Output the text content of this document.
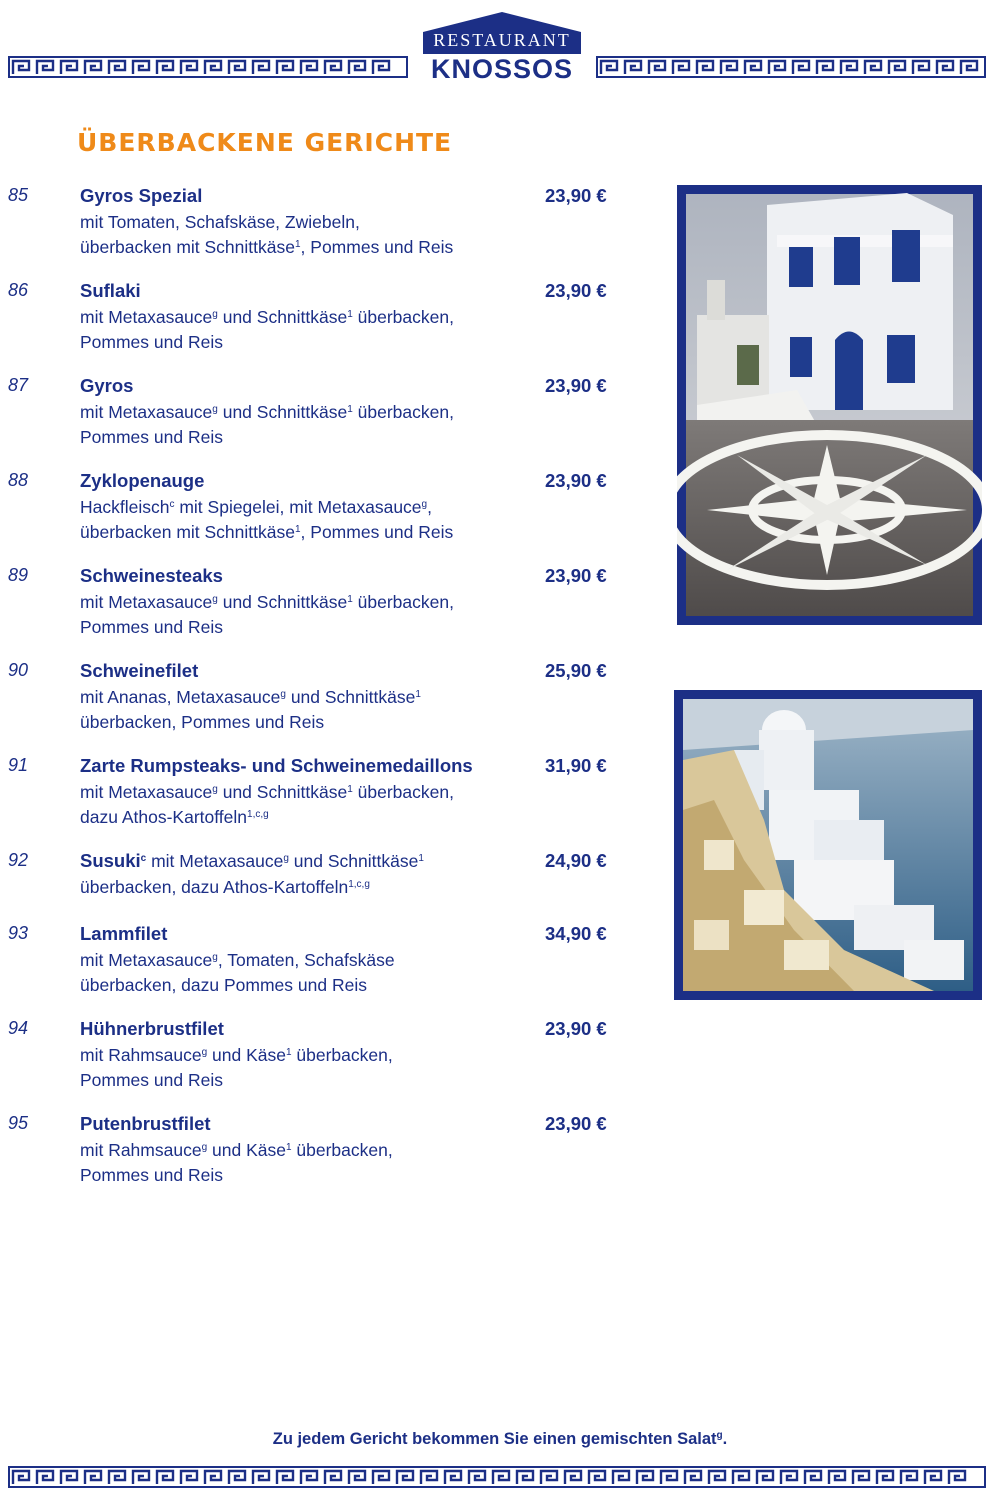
RESTAURANT
KNOSSOS
ÜBERBACKENE GERICHTE
85	Gyros Spezial
mit Tomaten, Schafskäse, Zwiebeln,
überbacken mit Schnittkäse$^1$, Pommes und Reis
23,90 €
86	Suflaki
mit Metaxasauce$^g$ und Schnittkäse$^1$ überbacken,
Pommes und Reis
23,90 €
87	Gyros
mit Metaxasauce$^g$ und Schnittkäse$^1$ überbacken,
Pommes und Reis
23,90 €
88	Zyklopenauge
Hackfleisch$^c$ mit Spiegelei, mit Metaxasauce$^g$,
überbacken mit Schnittkäse$^1$, Pommes und Reis
23,90 €
89	Schweinesteaks
mit Metaxasauce$^g$ und Schnittkäse$^1$ überbacken,
Pommes und Reis
23,90 €
90	Schweinefilet
mit Ananas, Metaxasauce$^g$ und Schnittkäse$^1$
überbacken, Pommes und Reis
25,90 €
91	Zarte Rumpsteaks- und Schweinemedaillons
mit Metaxasauce$^g$ und Schnittkäse$^1$ überbacken,
dazu Athos-Kartoffeln$^{1,c,g}$
31,90 €
92	Susuki$^c$ mit Metaxasauce$^g$ und Schnittkäse$^1$
überbacken, dazu Athos-Kartoffeln$^{1,c,g}$
24,90 €
93	Lammfilet
mit Metaxasauce$^g$, Tomaten, Schafskäse
überbacken, dazu Pommes und Reis
34,90 €
94	Hühnerbrustfilet
mit Rahmsauce$^g$ und Käse$^1$ überbacken,
Pommes und Reis
23,90 €
95	Putenbrustfilet
mit Rahmsauce$^g$ und Käse$^1$ überbacken,
Pommes und Reis
23,90 €
Zu jedem Gericht bekommen Sie einen gemischten Salat$^g$.
